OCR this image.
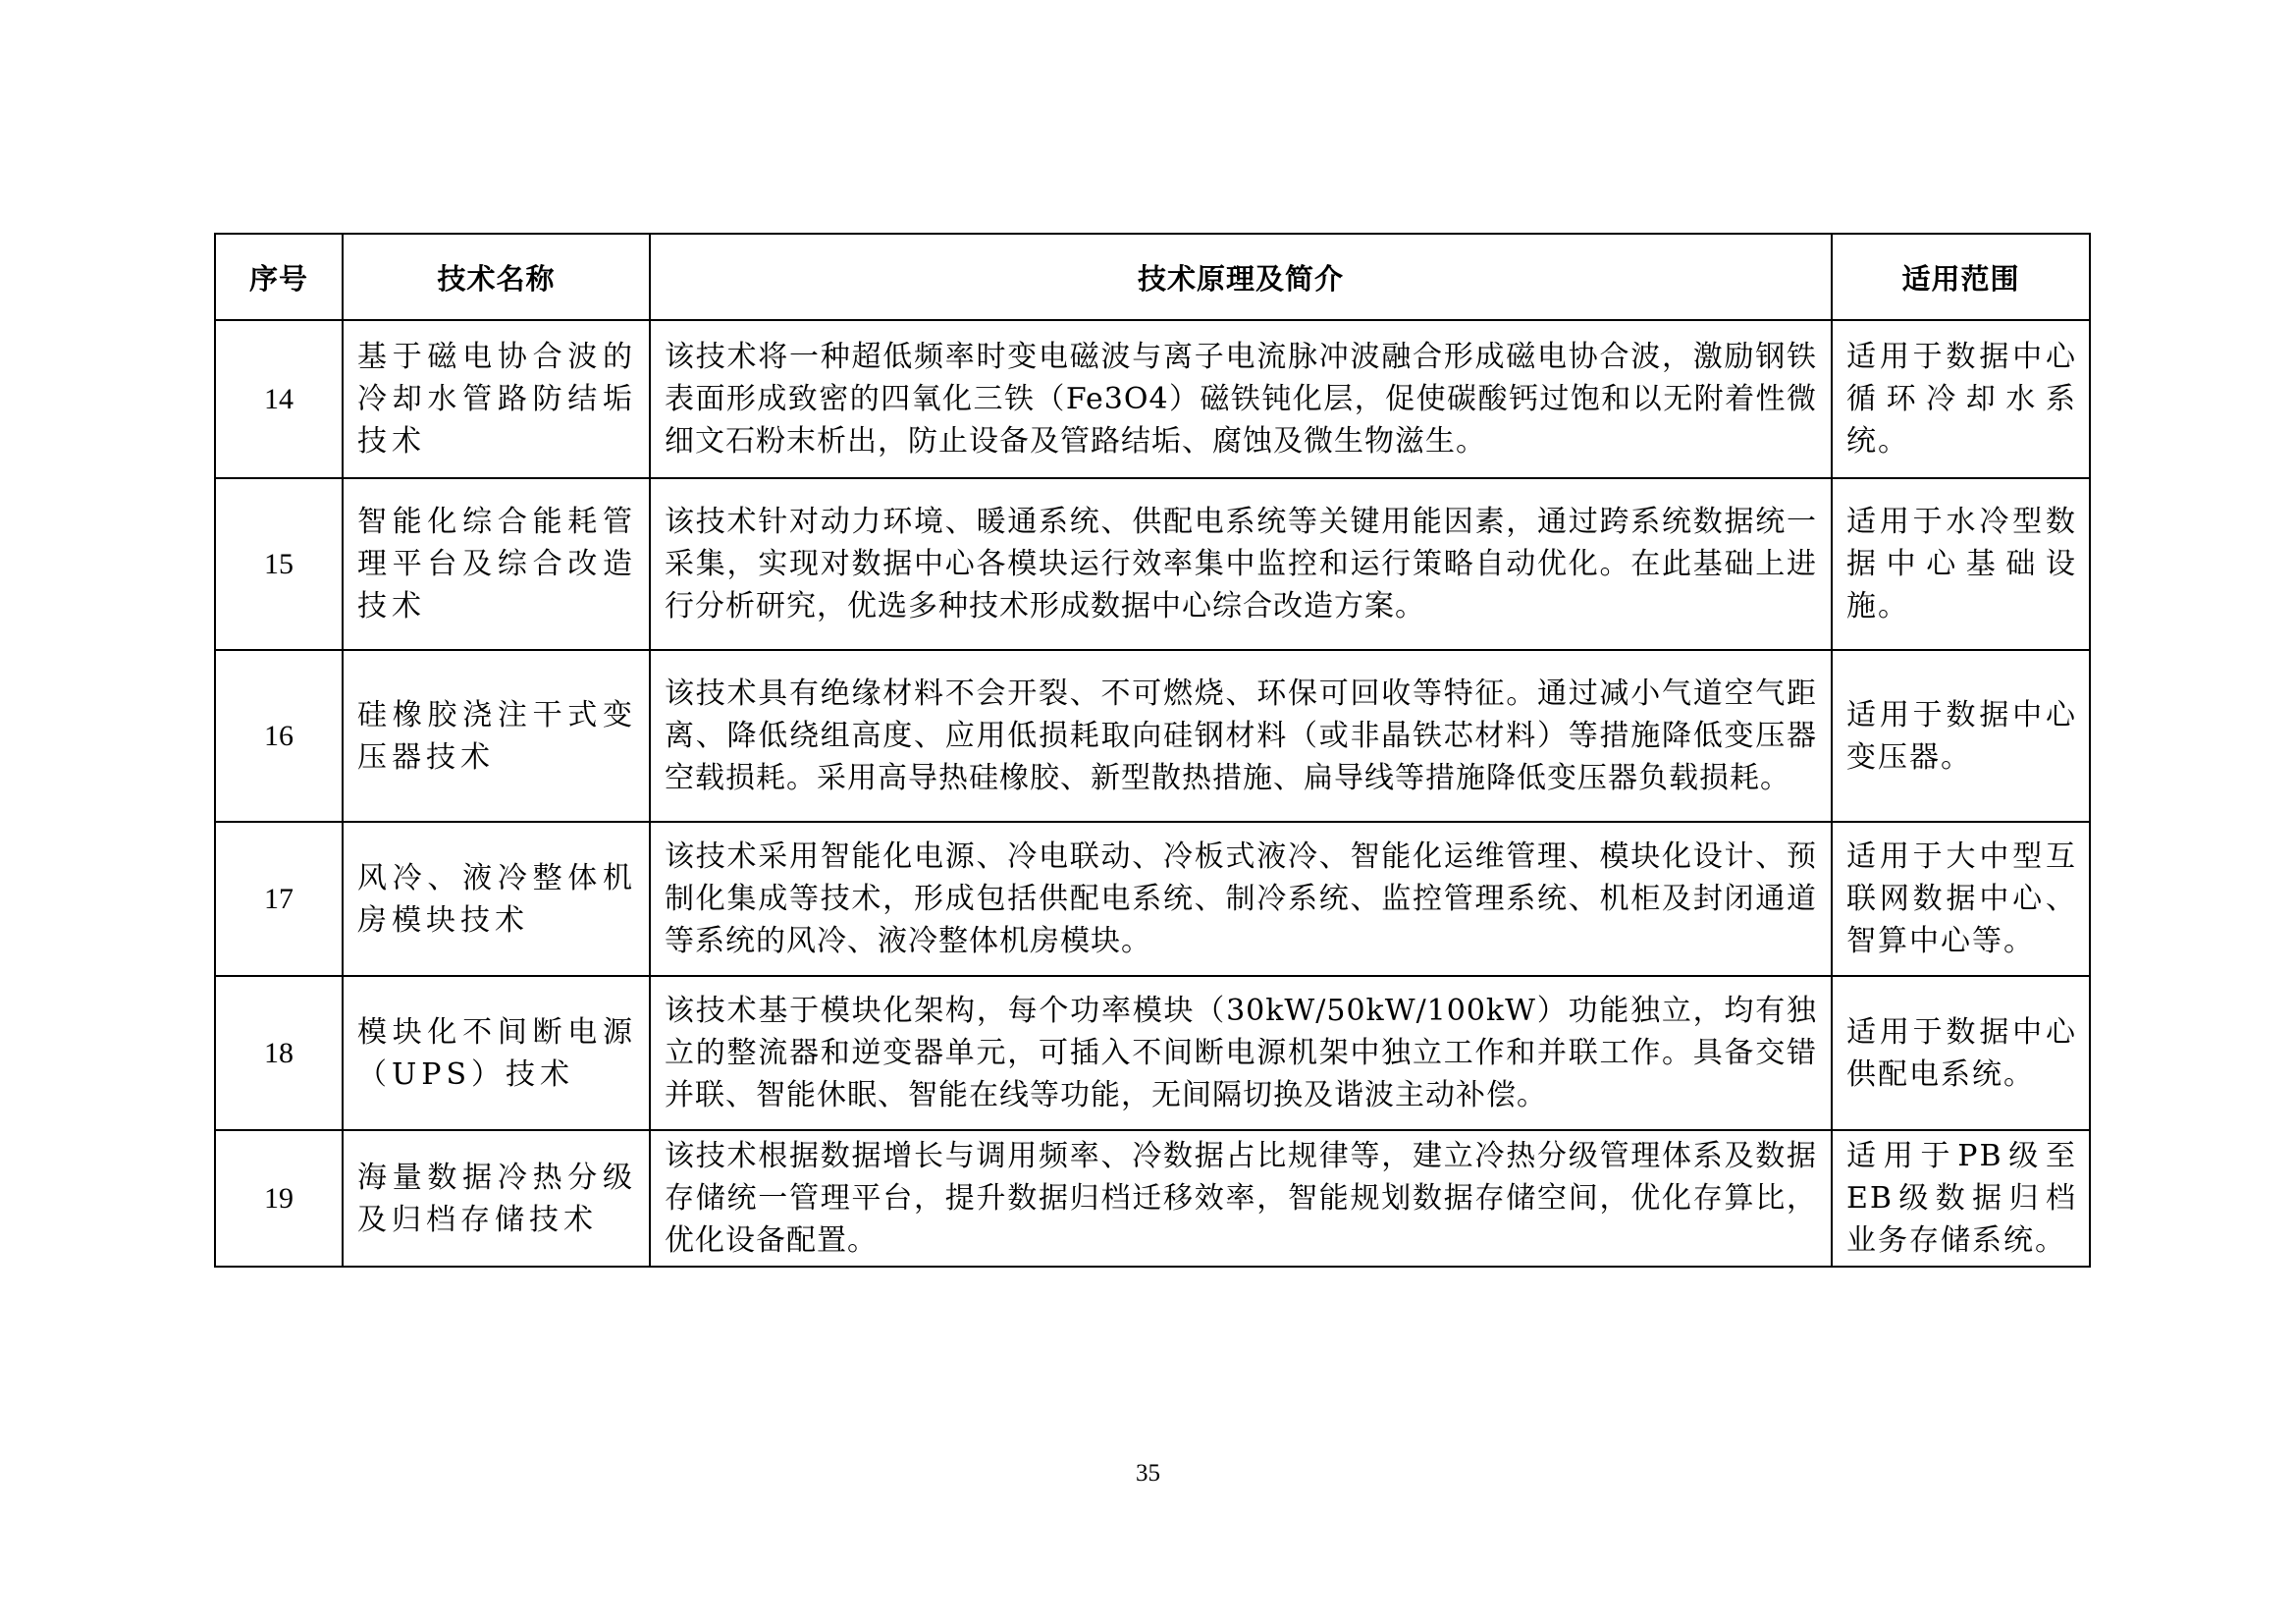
序号	技术名称	技术原理及简介	适用范围
14	基于磁电协合波的冷却水管路防结垢技术	该技术将一种超低频率时变电磁波与离子电流脉冲波融合形成磁电协合波，激励钢铁表面形成致密的四氧化三铁（Fe3O4）磁铁钝化层，促使碳酸钙过饱和以无附着性微细文石粉末析出，防止设备及管路结垢、腐蚀及微生物滋生。	适用于数据中心循环冷却水系统。
15	智能化综合能耗管理平台及综合改造技术	该技术针对动力环境、暖通系统、供配电系统等关键用能因素，通过跨系统数据统一采集，实现对数据中心各模块运行效率集中监控和运行策略自动优化。在此基础上进行分析研究，优选多种技术形成数据中心综合改造方案。	适用于水冷型数据中心基础设施。
16	硅橡胶浇注干式变压器技术	该技术具有绝缘材料不会开裂、不可燃烧、环保可回收等特征。通过减小气道空气距离、降低绕组高度、应用低损耗取向硅钢材料（或非晶铁芯材料）等措施降低变压器空载损耗。采用高导热硅橡胶、新型散热措施、扁导线等措施降低变压器负载损耗。	适用于数据中心变压器。
17	风冷、液冷整体机房模块技术	该技术采用智能化电源、冷电联动、冷板式液冷、智能化运维管理、模块化设计、预制化集成等技术，形成包括供配电系统、制冷系统、监控管理系统、机柜及封闭通道等系统的风冷、液冷整体机房模块。	适用于大中型互联网数据中心、智算中心等。
18	模块化不间断电源（UPS）技术	该技术基于模块化架构，每个功率模块（30kW/50kW/100kW）功能独立，均有独立的整流器和逆变器单元，可插入不间断电源机架中独立工作和并联工作。具备交错并联、智能休眠、智能在线等功能，无间隔切换及谐波主动补偿。	适用于数据中心供配电系统。
19	海量数据冷热分级及归档存储技术	该技术根据数据增长与调用频率、冷数据占比规律等，建立冷热分级管理体系及数据存储统一管理平台，提升数据归档迁移效率，智能规划数据存储空间，优化存算比，优化设备配置。	适用于PB级至EB级数据归档业务存储系统。
35
